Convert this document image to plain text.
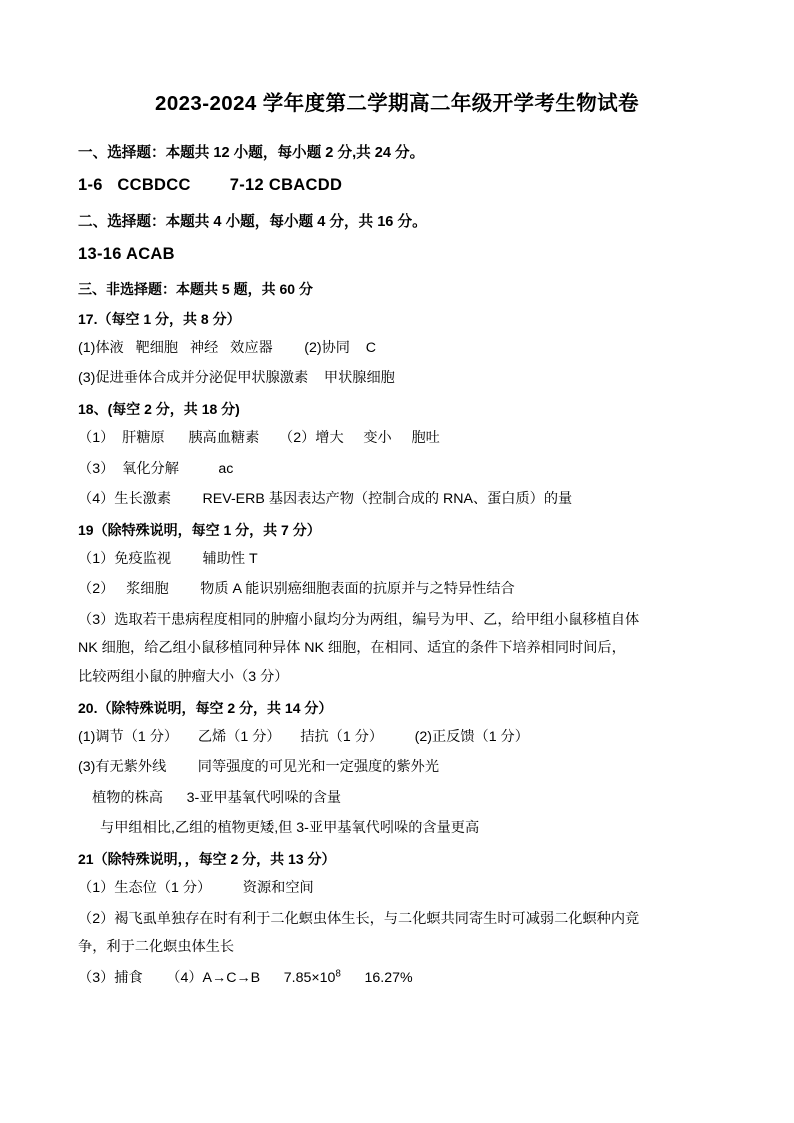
2023-2024 学年度第二学期高二年级开学考生物试卷
一、选择题：本题共 12 小题，每小题 2 分,共 24 分。
1-6   CCBDCC        7-12 CBACDD
二、选择题：本题共 4 小题，每小题 4 分，共 16 分。
13-16 ACAB
三、非选择题：本题共 5 题，共 60 分
17.（每空 1 分，共 8 分）
(1)体液   靶细胞   神经   效应器        (2)协同    C
(3)促进垂体合成并分泌促甲状腺激素    甲状腺细胞
18、(每空 2 分，共 18 分)
（1）  肝糖原      胰高血糖素     （2）增大     变小     胞吐
（3）  氧化分解          ac
（4）生长激素        REV-ERB 基因表达产物（控制合成的 RNA、蛋白质）的量
19（除特殊说明，每空 1 分，共 7 分）
（1）免疫监视        辅助性 T
（2）   浆细胞        物质 A 能识别癌细胞表面的抗原并与之特异性结合
（3）选取若干患病程度相同的肿瘤小鼠均分为两组，编号为甲、乙，给甲组小鼠移植自体
NK 细胞，给乙组小鼠移植同种异体 NK 细胞，在相同、适宜的条件下培养相同时间后，
比较两组小鼠的肿瘤大小（3 分）
20.（除特殊说明，每空 2 分，共 14 分）
(1)调节（1 分）     乙烯（1 分）     拮抗（1 分）        (2)正反馈（1 分）
(3)有无紫外线        同等强度的可见光和一定强度的紫外光
植物的株高      3-亚甲基氧代吲哚的含量
与甲组相比,乙组的植物更矮,但 3-亚甲基氧代吲哚的含量更高
21（除特殊说明，，每空 2 分，共 13 分）
（1）生态位（1 分）        资源和空间
（2）褐飞虱单独存在时有利于二化螟虫体生长，与二化螟共同寄生时可减弱二化螟种内竞
争，利于二化螟虫体生长
（3）捕食      （4）A→C→B      $7.85\times 10^8$ 16.27%
